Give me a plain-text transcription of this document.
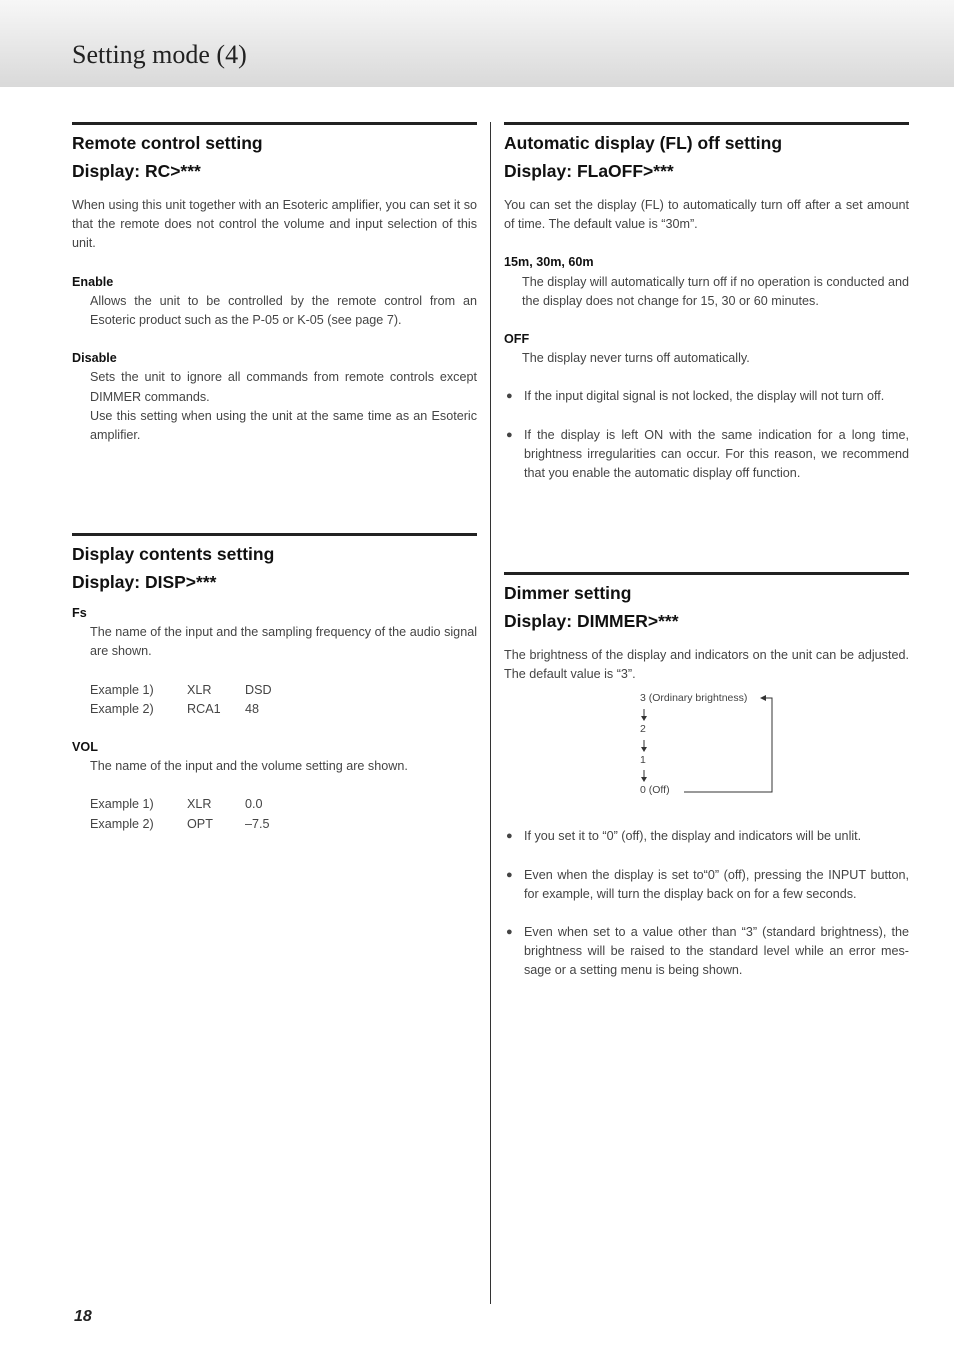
Setting mode (4)
Remote control setting
Display: RC>***

When using this unit together with an Esoteric amplifier, you can set it so that the remote does not control the volume and input selection of this unit.

Enable

Allows the unit to be controlled by the remote control from an Esoteric product such as the P-05 or K-05 (see page 7).

Disable

Sets the unit to ignore all commands from remote controls except DIMMER commands.

Use this setting when using the unit at the same time as an Esoteric amplifier.

Display contents setting
Display: DISP>***
Fs

The name of the input and the sampling frequency of the audio signal are shown.

Example 1)	XLR	DSD
Example 2)	RCA1	48
VOL

The name of the input and the volume setting are shown.

Example 1)	XLR	0.0
Example 2)	OPT	–7.5
Automatic display (FL) off setting
Display: FLaOFF>***

You can set the display (FL) to automatically turn off after a set amount of time. The default value is “30m”.

15m, 30m, 60m

The display will automatically turn off if no operation is conducted and the display does not change for 15, 30 or 60 minutes.

OFF

The display never turns off automatically.

● If the input digital signal is not locked, the display will not turn off.
● If the display is left ON with the same indication for a long time, brightness irregularities can occur. For this reason, we recommend that you enable the automatic display off function.
Dimmer setting
Display: DIMMER>***

The brightness of the display and indicators on the unit can be adjusted. The default value is “3”.

3 (Ordinary brightness)
2
1
0 (Off)
● If you set it to “0” (off), the display and indicators will be unlit.
● Even when the display is set to“0” (off), pressing the INPUT button, for example, will turn the display back on for a few seconds.
● Even when set to a value other than “3” (standard brightness), the brightness will be raised to the standard level while an error mes-sage or a setting menu is being shown.
18
